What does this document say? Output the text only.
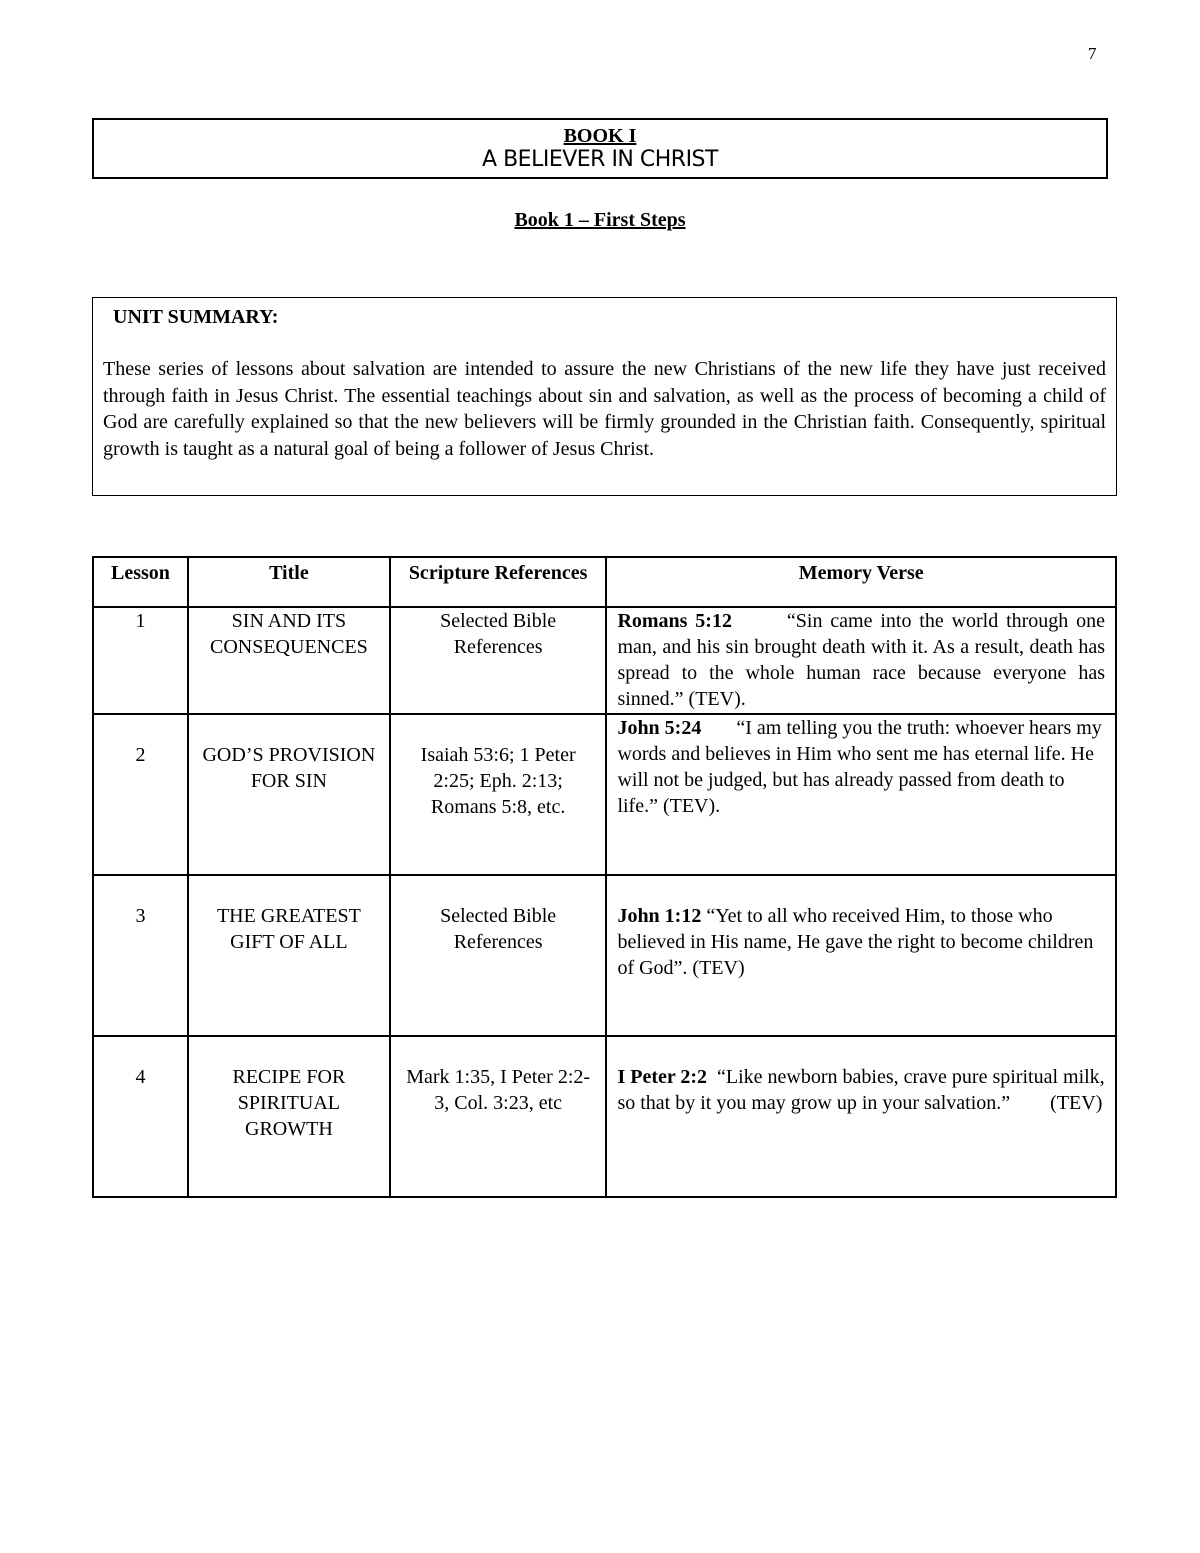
7
BOOK I
A BELIEVER IN CHRIST
Book 1 – First Steps
UNIT SUMMARY:
These series of lessons about salvation are intended to assure the new Christians of the new life they have just received through faith in Jesus Christ. The essential teachings about sin and salvation, as well as the process of becoming a child of God are carefully explained so that the new believers will be firmly grounded in the Christian faith. Consequently, spiritual growth is taught as a natural goal of being a follower of Jesus Christ.
Lesson	Title	Scripture References	Memory Verse
1	SIN AND ITS CONSEQUENCES	Selected Bible References	Romans 5:12 “Sin came into the world through one man, and his sin brought death with it. As a result, death has spread to the whole human race because everyone has sinned.” (TEV).
2	GOD’S PROVISION FOR SIN	Isaiah 53:6; 1 Peter 2:25; Eph. 2:13; Romans 5:8, etc.	John 5:24 “I am telling you the truth: whoever hears my words and believes in Him who sent me has eternal life. He will not be judged, but has already passed from death to life.” (TEV).
3	THE GREATEST GIFT OF ALL	Selected Bible References	John 1:12 “Yet to all who received Him, to those who believed in His name, He gave the right to become children of God”. (TEV)
4	RECIPE FOR SPIRITUAL GROWTH	Mark 1:35, I Peter 2:2-3, Col. 3:23, etc	I Peter 2:2 “Like newborn babies, crave pure spiritual milk, so that by it you may grow up in your salvation.”        (TEV)
